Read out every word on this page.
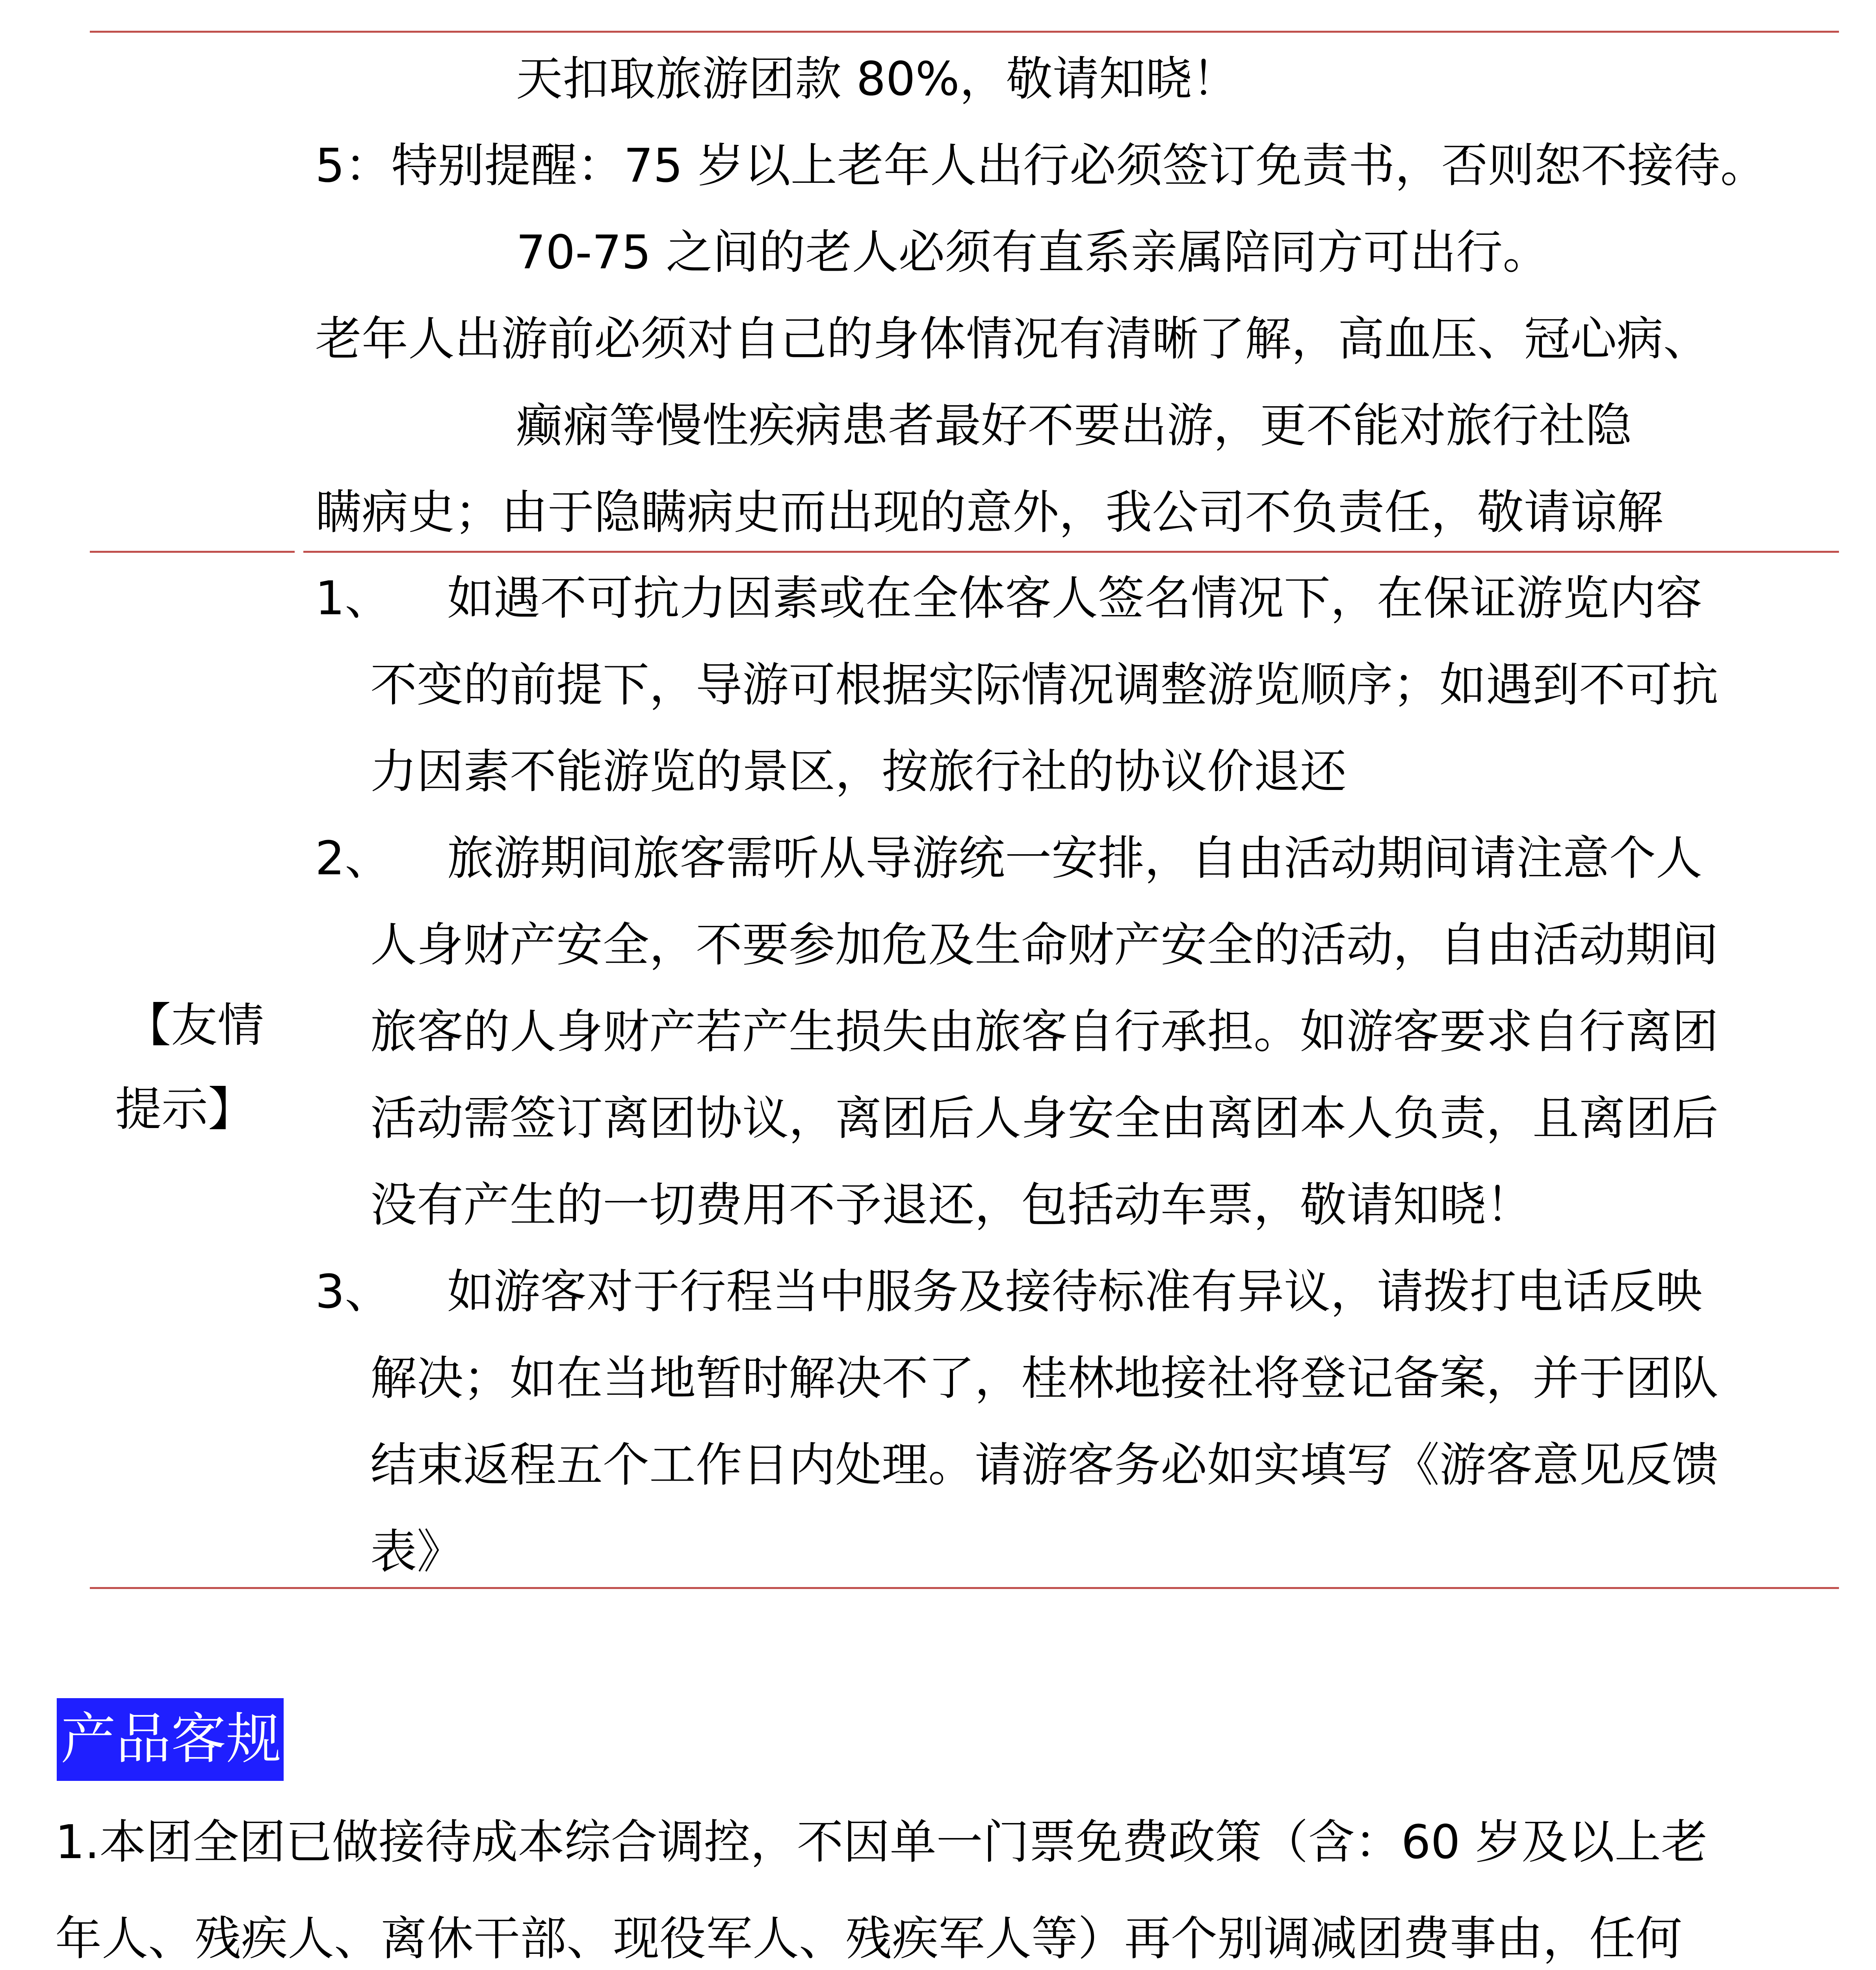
天扣取旅游团款 80%，敬请知晓！
5：特别提醒：75 岁以上老年人出行必须签订免责书，否则恕不接待。
70-75 之间的老人必须有直系亲属陪同方可出行。
老年人出游前必须对自己的身体情况有清晰了解，高血压、冠心病、
癫痫等慢性疾病患者最好不要出游，更不能对旅行社隐
瞒病史；由于隐瞒病史而出现的意外，我公司不负责任，敬请谅解
【友情
提示】
1、 如遇不可抗力因素或在全体客人签名情况下，在保证游览内容
不变的前提下，导游可根据实际情况调整游览顺序；如遇到不可抗
力因素不能游览的景区，按旅行社的协议价退还
2、 旅游期间旅客需听从导游统一安排，自由活动期间请注意个人
人身财产安全，不要参加危及生命财产安全的活动，自由活动期间
旅客的人身财产若产生损失由旅客自行承担。如游客要求自行离团
活动需签订离团协议，离团后人身安全由离团本人负责，且离团后
没有产生的一切费用不予退还，包括动车票，敬请知晓！
3、 如游客对于行程当中服务及接待标准有异议，请拨打电话反映
解决；如在当地暂时解决不了，桂林地接社将登记备案，并于团队
结束返程五个工作日内处理。请游客务必如实填写《游客意见反馈
表》
产品客规
1.本团全团已做接待成本综合调控，不因单一门票免费政策（含：60 岁及以上老
年人、残疾人、离休干部、现役军人、残疾军人等）再个别调减团费事由，任何
